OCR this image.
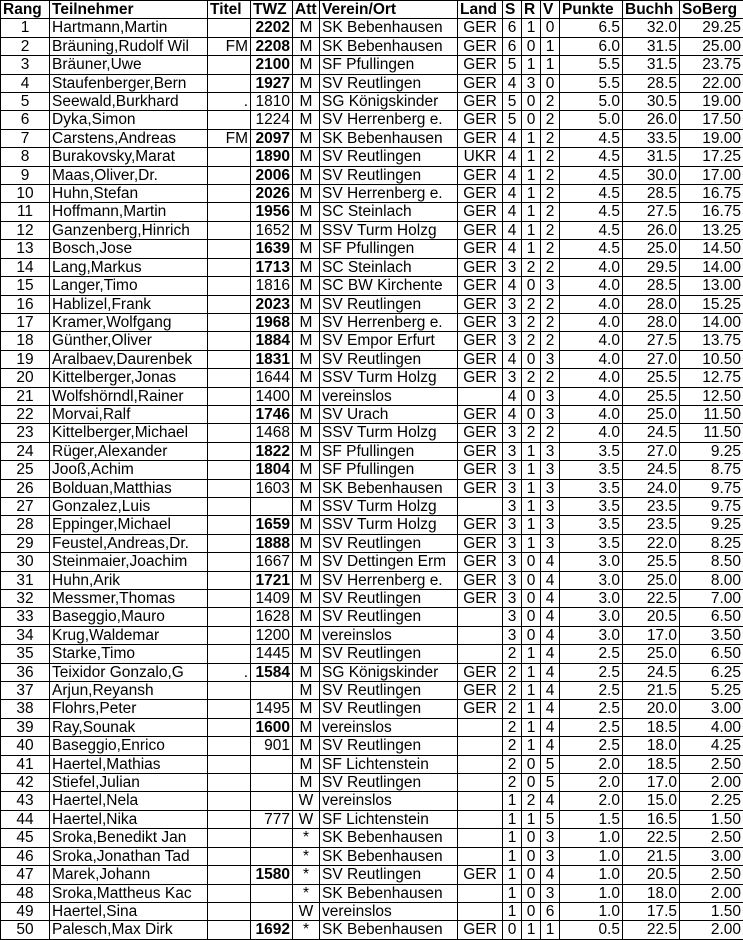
Rang	Teilnehmer	Titel	TWZ	Att	Verein/Ort	Land	S	R	V	Punkte	Buchh	SoBerg
1	Hartmann,Martin		2202	M	SK Bebenhausen	GER	6	1	0	6.5	32.0	29.25
2	Bräuning,Rudolf Wil	FM	2208	M	SK Bebenhausen	GER	6	0	1	6.0	31.5	25.00
3	Bräuner,Uwe		2100	M	SF Pfullingen	GER	5	1	1	5.5	31.5	23.75
4	Staufenberger,Bern		1927	M	SV Reutlingen	GER	4	3	0	5.5	28.5	22.00
5	Seewald,Burkhard	.	1810	M	SG Königskinder	GER	5	0	2	5.0	30.5	19.00
6	Dyka,Simon		1224	M	SV Herrenberg e.	GER	5	0	2	5.0	26.0	17.50
7	Carstens,Andreas	FM	2097	M	SK Bebenhausen	GER	4	1	2	4.5	33.5	19.00
8	Burakovsky,Marat		1890	M	SV Reutlingen	UKR	4	1	2	4.5	31.5	17.25
9	Maas,Oliver,Dr.		2006	M	SV Reutlingen	GER	4	1	2	4.5	30.0	17.00
10	Huhn,Stefan		2026	M	SV Herrenberg e.	GER	4	1	2	4.5	28.5	16.75
11	Hoffmann,Martin		1956	M	SC Steinlach	GER	4	1	2	4.5	27.5	16.75
12	Ganzenberg,Hinrich		1652	M	SSV Turm Holzg	GER	4	1	2	4.5	26.0	13.25
13	Bosch,Jose		1639	M	SF Pfullingen	GER	4	1	2	4.5	25.0	14.50
14	Lang,Markus		1713	M	SC Steinlach	GER	3	2	2	4.0	29.5	14.00
15	Langer,Timo		1816	M	SC BW Kirchente	GER	4	0	3	4.0	28.5	13.00
16	Hablizel,Frank		2023	M	SV Reutlingen	GER	3	2	2	4.0	28.0	15.25
17	Kramer,Wolfgang		1968	M	SV Herrenberg e.	GER	3	2	2	4.0	28.0	14.00
18	Günther,Oliver		1884	M	SV Empor Erfurt	GER	3	2	2	4.0	27.5	13.75
19	Aralbaev,Daurenbek		1831	M	SV Reutlingen	GER	4	0	3	4.0	27.0	10.50
20	Kittelberger,Jonas		1644	M	SSV Turm Holzg	GER	3	2	2	4.0	25.5	12.75
21	Wolfshörndl,Rainer		1400	M	vereinslos		4	0	3	4.0	25.5	12.50
22	Morvai,Ralf		1746	M	SV Urach	GER	4	0	3	4.0	25.0	11.50
23	Kittelberger,Michael		1468	M	SSV Turm Holzg	GER	3	2	2	4.0	24.5	11.50
24	Rüger,Alexander		1822	M	SF Pfullingen	GER	3	1	3	3.5	27.0	9.25
25	Jooß,Achim		1804	M	SF Pfullingen	GER	3	1	3	3.5	24.5	8.75
26	Bolduan,Matthias		1603	M	SK Bebenhausen	GER	3	1	3	3.5	24.0	9.75
27	Gonzalez,Luis			M	SSV Turm Holzg		3	1	3	3.5	23.5	9.75
28	Eppinger,Michael		1659	M	SSV Turm Holzg	GER	3	1	3	3.5	23.5	9.25
29	Feustel,Andreas,Dr.		1888	M	SV Reutlingen	GER	3	1	3	3.5	22.0	8.25
30	Steinmaier,Joachim		1667	M	SV Dettingen Erm	GER	3	0	4	3.0	25.5	8.50
31	Huhn,Arik		1721	M	SV Herrenberg e.	GER	3	0	4	3.0	25.0	8.00
32	Messmer,Thomas		1409	M	SV Reutlingen	GER	3	0	4	3.0	22.5	7.00
33	Baseggio,Mauro		1628	M	SV Reutlingen		3	0	4	3.0	20.5	6.50
34	Krug,Waldemar		1200	M	vereinslos		3	0	4	3.0	17.0	3.50
35	Starke,Timo		1445	M	SV Reutlingen		2	1	4	2.5	25.0	6.50
36	Teixidor Gonzalo,G	.	1584	M	SG Königskinder	GER	2	1	4	2.5	24.5	6.25
37	Arjun,Reyansh			M	SV Reutlingen	GER	2	1	4	2.5	21.5	5.25
38	Flohrs,Peter		1495	M	SV Reutlingen	GER	2	1	4	2.5	20.0	3.00
39	Ray,Sounak		1600	M	vereinslos		2	1	4	2.5	18.5	4.00
40	Baseggio,Enrico		901	M	SV Reutlingen		2	1	4	2.5	18.0	4.25
41	Haertel,Mathias			M	SF Lichtenstein		2	0	5	2.0	18.5	2.50
42	Stiefel,Julian			M	SV Reutlingen		2	0	5	2.0	17.0	2.00
43	Haertel,Nela			W	vereinslos		1	2	4	2.0	15.0	2.25
44	Haertel,Nika		777	W	SF Lichtenstein		1	1	5	1.5	16.5	1.50
45	Sroka,Benedikt Jan			*	SK Bebenhausen		1	0	3	1.0	22.5	2.50
46	Sroka,Jonathan Tad			*	SK Bebenhausen		1	0	3	1.0	21.5	3.00
47	Marek,Johann		1580	*	SV Reutlingen	GER	1	0	4	1.0	20.5	2.50
48	Sroka,Mattheus Kac			*	SK Bebenhausen		1	0	3	1.0	18.0	2.00
49	Haertel,Sina			W	vereinslos		1	0	6	1.0	17.5	1.50
50	Palesch,Max Dirk		1692	*	SK Bebenhausen	GER	0	1	1	0.5	22.5	2.00
